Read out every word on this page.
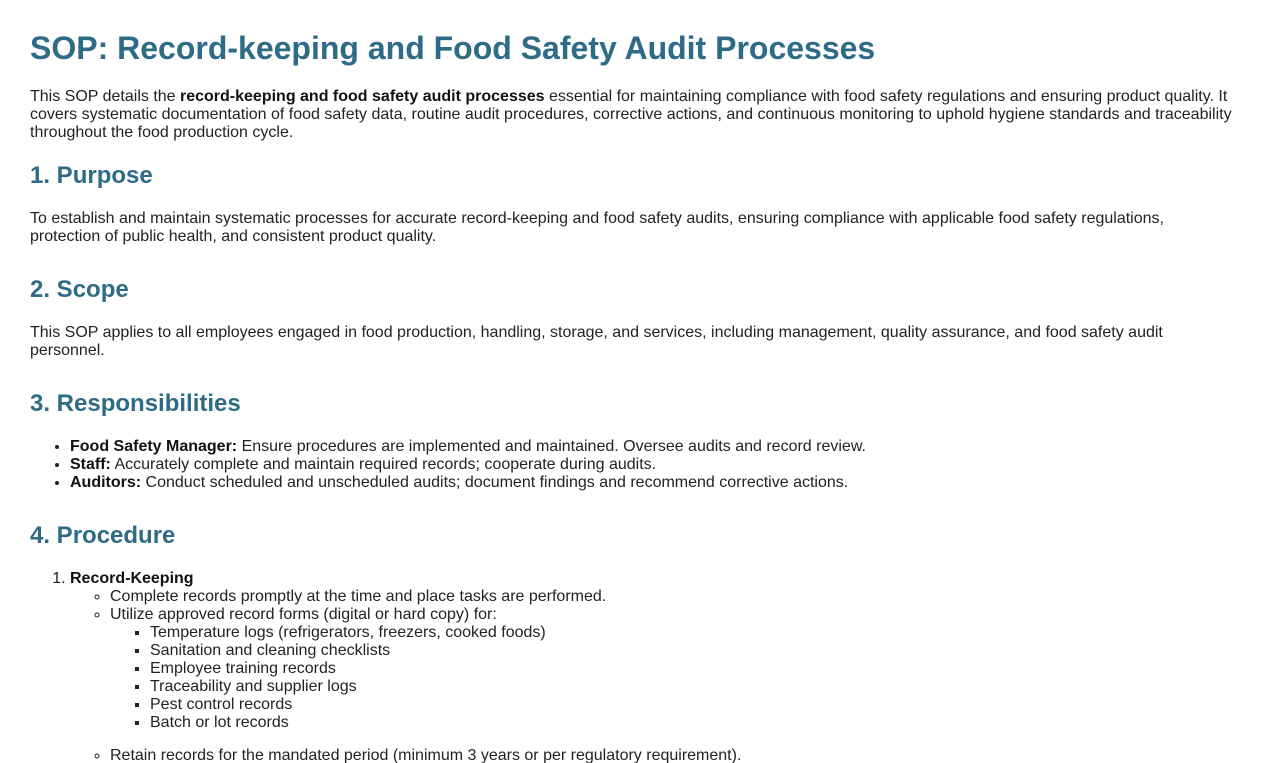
SOP: Record-keeping and Food Safety Audit Processes

This SOP details the record-keeping and food safety audit processes essential for maintaining compliance with food safety regulations and ensuring product quality. It covers systematic documentation of food safety data, routine audit procedures, corrective actions, and continuous monitoring to uphold hygiene standards and traceability throughout the food production cycle.

1. Purpose

To establish and maintain systematic processes for accurate record-keeping and food safety audits, ensuring compliance with applicable food safety regulations, protection of public health, and consistent product quality.

2. Scope

This SOP applies to all employees engaged in food production, handling, storage, and services, including management, quality assurance, and food safety audit personnel.

3. Responsibilities
• Food Safety Manager: Ensure procedures are implemented and maintained. Oversee audits and record review.
• Staff: Accurately complete and maintain required records; cooperate during audits.
• Auditors: Conduct scheduled and unscheduled audits; document findings and recommend corrective actions.
4. Procedure
1. Record-Keeping
◦ Complete records promptly at the time and place tasks are performed.
◦ Utilize approved record forms (digital or hard copy) for:
▪ Temperature logs (refrigerators, freezers, cooked foods)
▪ Sanitation and cleaning checklists
▪ Employee training records
▪ Traceability and supplier logs
▪ Pest control records
▪ Batch or lot records
◦ Retain records for the mandated period (minimum 3 years or per regulatory requirement).
